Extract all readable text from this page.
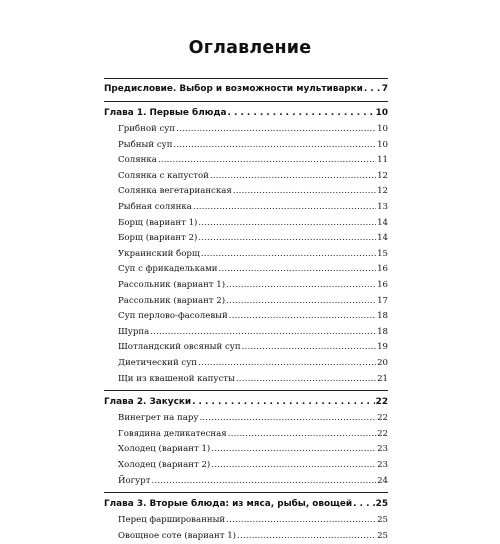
Оглавление
Предисловие. Выбор и возможности мультиварки . . . 7
Глава 1. Первые блюда . . .	10
Грибной суп .....	10
Рыбный суп .....	10
Солянка .....	11
Солянка с капустой .....	12
Солянка вегетарианская .....	12
Рыбная солянка .....	13
Борщ (вариант 1) .....	14
Борщ (вариант 2) .....	14
Украинский борщ .....	15
Суп с фрикадельками .....	16
Рассольник (вариант 1) .....	16
Рассольник (вариант 2) .....	17
Суп перлово-фасолевый .....	18
Шурпа .....	18
Шотландский овсяный суп .....	19
Диетический суп .....	20
Щи из квашеной капусты .....	21
Глава 2. Закуски . . .	22
Винегрет на пару .....	22
Говядина деликатесная .....	22
Холодец (вариант 1) .....	23
Холодец (вариант 2) .....	23
Йогурт .....	24
Глава 3. Вторые блюда: из мяса, рыбы, овощей . . .	25
Перец фаршированный .....	25
Овощное соте (вариант 1) .....	25
